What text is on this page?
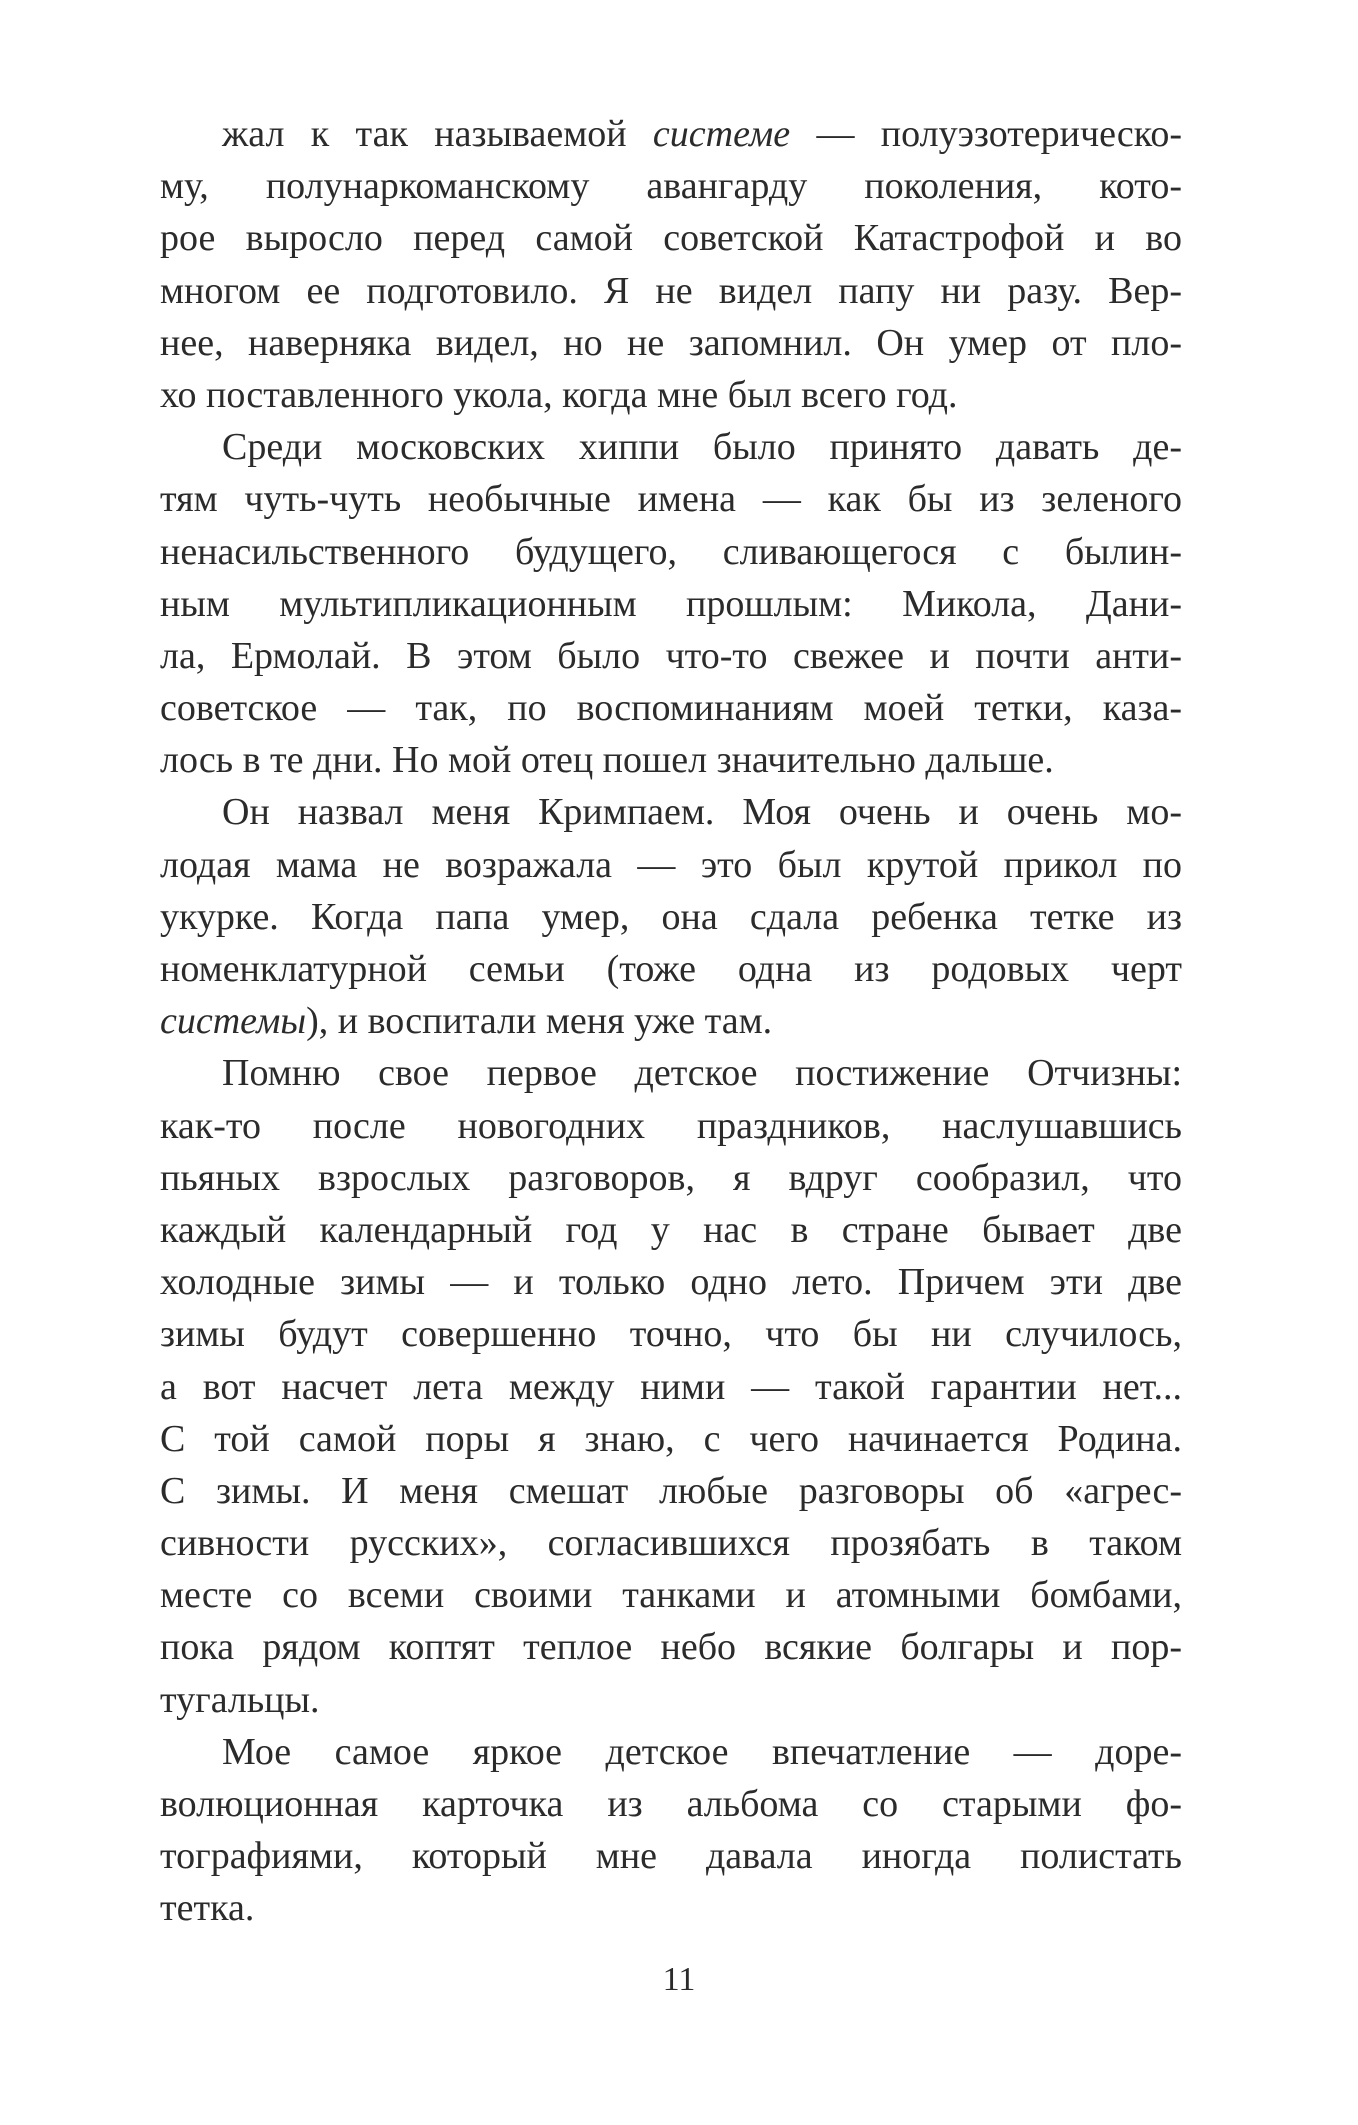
жал к так называемой системе — полуэзотерическо-
му, полунаркоманскому авангарду поколения, кото-
рое выросло перед самой советской Катастрофой и во
многом ее подготовило. Я не видел папу ни разу. Вер-
нее, наверняка видел, но не запомнил. Он умер от пло-
хо поставленного укола, когда мне был всего год.
Среди московских хиппи было принято давать де-
тям чуть-чуть необычные имена — как бы из зеленого
ненасильственного будущего, сливающегося с былин-
ным мультипликационным прошлым: Микола, Дани-
ла, Ермолай. В этом было что-то свежее и почти анти-
советское — так, по воспоминаниям моей тетки, каза-
лось в те дни. Но мой отец пошел значительно дальше.
Он назвал меня Кримпаем. Моя очень и очень мо-
лодая мама не возражала — это был крутой прикол по
укурке. Когда папа умер, она сдала ребенка тетке из
номенклатурной семьи (тоже одна из родовых черт
системы), и воспитали меня уже там.
Помню свое первое детское постижение Отчизны:
как-то после новогодних праздников, наслушавшись
пьяных взрослых разговоров, я вдруг сообразил, что
каждый календарный год у нас в стране бывает две
холодные зимы — и только одно лето. Причем эти две
зимы будут совершенно точно, что бы ни случилось,
а вот насчет лета между ними — такой гарантии нет...
С той самой поры я знаю, с чего начинается Родина.
С зимы. И меня смешат любые разговоры об «агрес-
сивности русских», согласившихся прозябать в таком
месте со всеми своими танками и атомными бомбами,
пока рядом коптят теплое небо всякие болгары и пор-
тугальцы.
Мое самое яркое детское впечатление — доре-
волюционная карточка из альбома со старыми фо-
тографиями, который мне давала иногда полистать
тетка.
11
